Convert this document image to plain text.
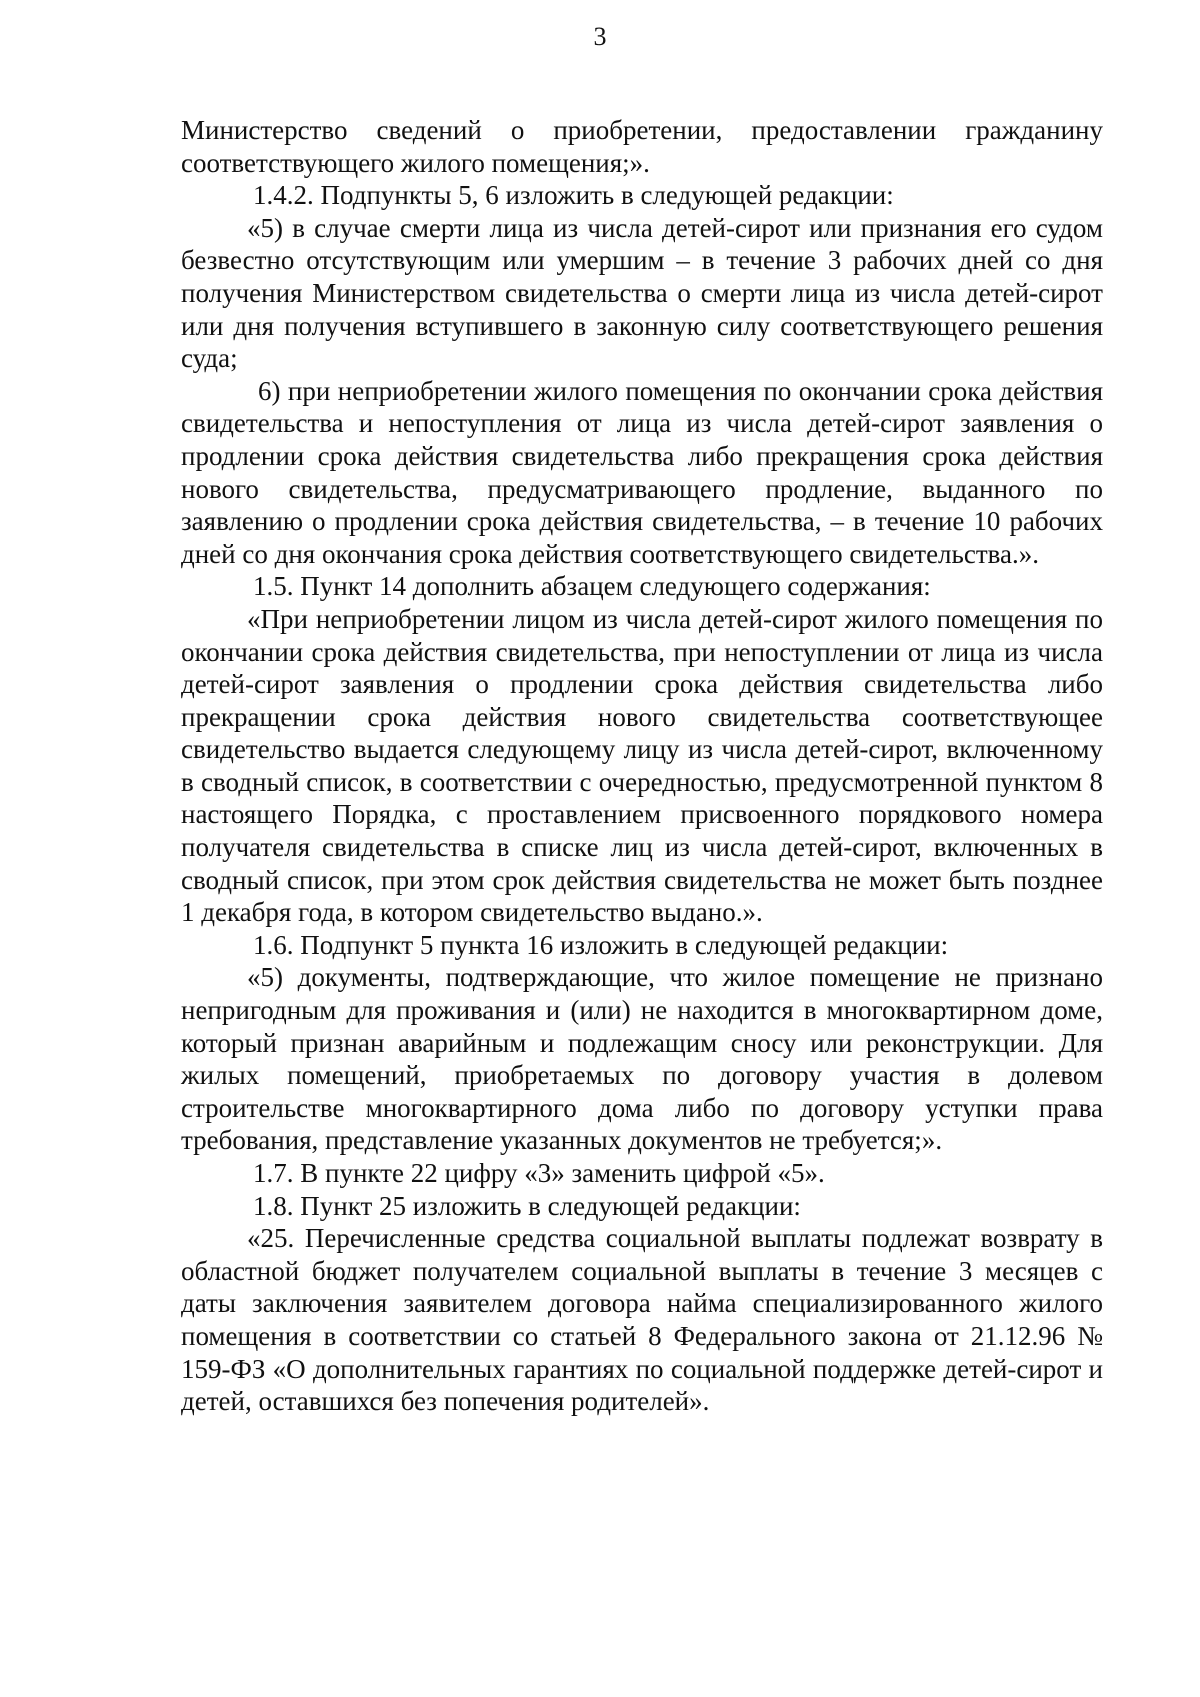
3

Министерство сведений о приобретении, предоставлении гражданину соответствующего жилого помещения;».

1.4.2. Подпункты 5, 6 изложить в следующей редакции:

«5) в случае смерти лица из числа детей-сирот или признания его судом безвестно отсутствующим или умершим – в течение 3 рабочих дней со дня получения Министерством свидетельства о смерти лица из числа детей-сирот или дня получения вступившего в законную силу соответствующего решения суда;

6) при неприобретении жилого помещения по окончании срока действия свидетельства и непоступления от лица из числа детей-сирот заявления о продлении срока действия свидетельства либо прекращения срока действия нового свидетельства, предусматривающего продление, выданного по заявлению о продлении срока действия свидетельства, – в течение 10 рабочих дней со дня окончания срока действия соответствующего свидетельства.».

1.5. Пункт 14 дополнить абзацем следующего содержания:

«При неприобретении лицом из числа детей-сирот жилого помещения по окончании срока действия свидетельства, при непоступлении от лица из числа детей-сирот заявления о продлении срока действия свидетельства либо прекращении срока действия нового свидетельства соответствующее свидетельство выдается следующему лицу из числа детей-сирот, включенному в сводный список, в соответствии с очередностью, предусмотренной пунктом 8 настоящего Порядка, с проставлением присвоенного порядкового номера получателя свидетельства в списке лиц из числа детей-сирот, включенных в сводный список, при этом срок действия свидетельства не может быть позднее 1 декабря года, в котором свидетельство выдано.».

1.6. Подпункт 5 пункта 16 изложить в следующей редакции:

«5) документы, подтверждающие, что жилое помещение не признано непригодным для проживания и (или) не находится в многоквартирном доме, который признан аварийным и подлежащим сносу или реконструкции. Для жилых помещений, приобретаемых по договору участия в долевом строительстве многоквартирного дома либо по договору уступки права требования, представление указанных документов не требуется;».

1.7. В пункте 22 цифру «3» заменить цифрой «5».

1.8. Пункт 25 изложить в следующей редакции:

«25. Перечисленные средства социальной выплаты подлежат возврату в областной бюджет получателем социальной выплаты в течение 3 месяцев с даты заключения заявителем договора найма специализированного жилого помещения в соответствии со статьей 8 Федерального закона от 21.12.96 № 159-ФЗ «О дополнительных гарантиях по социальной поддержке детей-сирот и детей, оставшихся без попечения родителей».
